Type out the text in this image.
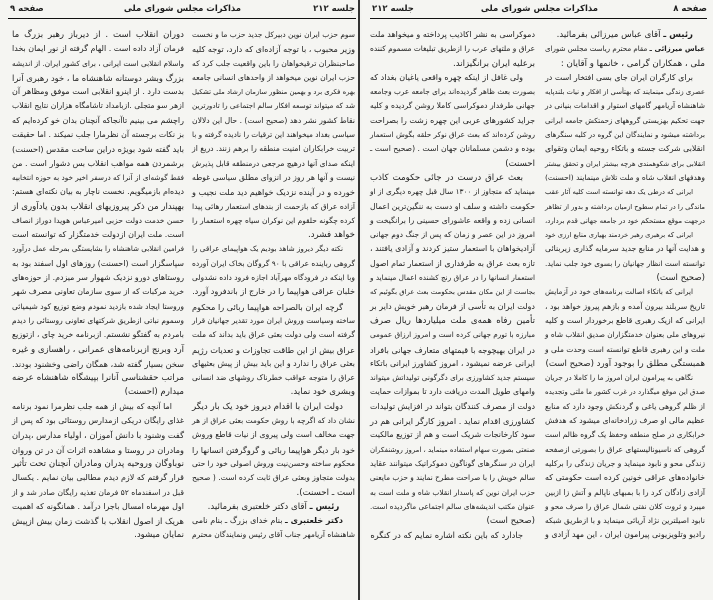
جلسه ۲۱۲
مذاکرات مجلس شورای ملی
صفحه ۹
سوم حزب ایران نوین دبیرکل جدید حزب ما و نخست
وزیر محبوب ، با توجه آزاده‌ای که دارد، توجه کلیه
صاحبنظران ترقیخواهان را باین واقعیت جلب کرد که
حزب ایران نوین میخواهد از واحدهای انسانی جامعه
بهره فکری برد و بهمین منظور سازمان ارشاد ملی تشکیل
شد که میتواند توسعه افکار سالم اجتماعی را تادورترین
نقاط کشور نشر دهد (صحیح است) . حال این دلالان
سیاسی بغداد میخواهند این ترقیات را نادیده گرفته و با
تربیت خرابکاران امنیت منطقه را برهم زنند. دریغ از
اینکه صدای آنها درهیچ مرجعی درمنطقه قابل پذیرش
نیست و آنها هر روز در انزوای مطلق سیاسی غوطه
خورده و در آینده نزدیک خواهیم دید ملت نجیب و
آزاده عراق که بازحمت از بندهای استعمار رهائی پیدا
کرده چگونه حلقوم این نوکران سیاه چهره استعمار را
خواهد فشرد.
نکته دیگر دیروز شاهد بودیم یک هواپیمای عراقی را
گروهی رباینده عراقی با ۹۰ گروگان بخاک ایران آورده
وبا اینکه در فرودگاه مهرآباد اجازه فرود داده نشدولی
خلبان عراقی هواپیما را در خارج از باندفرود آورد.
گرچه ایران بالصراحه هواپیما ربائی را محکوم
ساخته وسیاست وروش ایران مورد تقدیر جهانیان قرار
گرفته است ولی دولت بعثی عراق باید بداند که ملت
عراق بیش از این طاقت تجاوزات و تعدیات رژیم
بعثی عراق را ندارد و این باید بیش از پیش بعثیهای
عراق را متوجه عواقب خطرناک روشهای ضد انسانی
وبشری خود نماید.
دولت ایران با اقدام دیروز خود یک بار دیگر
نشان داد که اگرچه با روش حکومت بعثی عراق از هر
جهت مخالف است ولی پیروی از نیات قاطع وروش
خود بار دیگر هواپیما ربائی و گروگرفتن انسانها را
محکوم ساخته وحسن‌نیت وروش اصولی خود را حتی
بدولت متجاوز وبعثی عراق ثابت کرده است. ( صحیح
است ـ احسنت).
رئیس ـ آقای دکتر خلعتبری بفرمائید.
دکتر خلعتبری ـ بنام خدای بزرگ ـ بنام نامی
شاهنشاه آریامهر جناب آقای رئیس ونمایندگان محترم
دوران انقلاب است . از دیرباز رهبر بزرگ ما
فرمان آزاد داده است . الهام گرفته از نور ایمان بخدا
واسلام انقلابی است ایرانی ، برای کشور ایران. از اندیشه
بزرگ وبشر دوستانه شاهنشاه ما ، خود رهبری آنرا
بدست دارد . از اینرو انقلابی است موفق ومظاهر آن
ازهر سو متجلی .ازبامداد تاشامگاه هزاران نتایج انقلاب
راچشم می بینیم تاآنجاکه آنچنان بدان خو کرده‌ایم که
بز نکات برجسته آن نظرمارا جلب نمیکند . اما حقیقت
باید گفته شود بویژه دراین ساحت مقدس (احسنت)
برشمردن همه مواهب انقلاب بس دشوار است . من
فقط گوشه‌ای از آنرا که درسفر اخیر خود به حوزه انتخابیه
دیده‌ام بازمیگویم. نخست ناچار به بیان نکته‌ای هستم:
بهپندار من ذکر پیروزیهای انقلاب بدون یادآوری از
حسن خدمت دولت حزبی امیرعباس هویدا دوراز انصاف
است. ملت ایران ازدولت خدمتگزار که توانسته است
فرامین انقلابی شاهنشاه را بشایستگی بمرحله عمل درآورد
سپاسگزار است (احسنت) روزهای اول اسفند بود به
روستاهای دورو نزدیک شهوار سر میزدم. از حوزه‌های
خرید مرکبات که از سوی سازمان تعاونی مصرف شهر
وروستا ایجاد شده بازدید نمودم وضع توزیع کود شیمیائی
وسموم نباتی ازطریق شرکتهای تعاونی روستائی را دیدم
بامردم به گفتگو نشستم. ازبرنامه خرید چای ، ازتوزیع
آرد وبرنج ازبرنامه‌های عمرانی ، راهسازی و غیره
سخن بسیار گفته شد، همگان راضی وخشنود بودند.
مراتب حقشناسی آنانرا بپیشگاه شاهنشاه عرضه
میدارم (احسنت)
اما آنچه که بیش از همه جلب نظرمرا نمود برنامه
غذای رایگان دریکی ازمدارس روستائی بود که پس از
گفت وشنود با دانش آموزان ، اولیاء مدارس ،پدران
ومادران در روستا و مشاهده اثرات آن در تن وروان
نوباوگان وروحیه پدران ومادران آنچنان تحت تأثیر
قرار گرفتم که لازم دیدم مطالبی بیان نمایم . یکسال
قبل در اسفندماه ۵۲ فرمان تغذیه رایگان صادر شد و از
اول مهرماه امسال باجرا درآمد . همانگونه که اهمیت
هریک از اصول انقلاب با گذشت زمان بیش ازپیش
نمایان میشود.
صفحه ۸
مذاکرات مجلس شورای ملی
جلسه ۲۱۲
رئیس ـ آقای عباس میرزائی بفرمائید.
عباس میرزائی ـ مقام محترم ریاست مجلس شورای
ملی ، همکاران گرامی ، خانمها و آقایان :
برای کارگران ایران جای بسی افتخار است در
عصری زندگی مینمایند که بهتأسی از افکار و نیات بلندپایه
شاهنشاه آریامهر گامهای استوار و اقدامات بنیانی در
جهت تحکیم بهزیستی گروههای زحمتکش جامعه ایرانی
برداشته میشود و نمایندگان این گروه در کلیه سنگرهای
انقلابی شرکت جسته و باتکاء روحیه ایمان وتقوای
انقلابی برای شکوهمندی هرچه بیشتر ایران و تحقق بیشتر
وهدفهای انقلاب شاه و ملت تلاش مینمایند (احسنت)
ایرانی که درطی یک دهه توانسته است کلیه آثار عقب
ماندگی را در تمام سطوح ازمیان برداشته و بدور از تظاهر
درجهت موقع مستحکم خود در جامعه جهانی قدم بردارد،
ایرانی که برهبری رهبر خردمند بهیاری منابع ارزی خود
و هدایت آنها در منابع جدید سرمایه گذاری زیربنائی
توانسته است انظار جهانیان را بسوی خود جلب نماید.
(صحیح است)
ایرانی که باتکاء اصالت برنامه‌های خود در آزمایش
تاریخ سربلند بیرون آمده و بازهم پیروز خواهد بود ،
ایرانی که ازیک رهبری قاطع برخوردار است و کلیه
نیروهای ملی بعنوان خدمتگزاران صدیق انقلاب شاه و
ملت و این رهبری قاطع توانسته است وحدت ملی و
همبستگی مطلق را بوجود آورد (صحیح است)
نگاهی به پیرامون ایران امروز ما را کاملا در جریان
صدق این موقع میگذارد در غرب کشور ما ملتی وتجدیده
از ظلم گروهی یاغی و گردنکش وجود دارد که منابع
عظیم مالی او صرف زرادخانه‌ای میشود که هدفش
خرابکاری در صلح منطقه وحفظ یک گروه ظالم است
گروهی که ناسیونالیستهای عراق را بصورتی ازصفحه
زندگی محو و نابود مینماید و جریان زندگی را برکلیه
خانواده‌های عراقی خونین کرده است حکومتی که
آزادی زادگان کرد را با بمبهای ناپالم و آتش زا ازبین
میبرد و ثروت کلان نفتی شمال عراق را صرف محو و
نابود اصیلترین نژاد آریائی مینماید و با ازطریق شبکه
رادیو وتلویزیونی پیرامون ایران ، این مهد آزادی و
دموکراسی به نشر اکاذیب پرداخته و میخواهد ملت
عراق و ملتهای عرب را ازطریق تبلیغات مسموم کننده
برعلیه ایران برانگیزاند.
ولی غافل از اینکه چهره واقعی یاغیان بغداد که
بصورت بعث ظاهر گردیده‌اند برای جامعه عرب وجامعه
جهانی طرفدار دموکراسی کاملا روشن گردیده و کلیه
جراید کشورهای عربی این چهره زشت را بصراحت
روشن کرده‌اند که بعث عراق نوکر حلقه بگوش استعمار
بوده و دشمن مسلمانان جهان است . (صحیح است ـ
احسنت)
بعث عراق درست در جائی حکومت کاذب
مینماید که متجاوز از ۱۳۰۰ سال قبل چهره دیگری از او
حکومت داشته و سلف او دست به ننگین‌ترین اعمال
انسانی زده و واقعه عاشورای حسینی را برانگیخت و
امروز در این عصر و زمان که پس از جنگ دوم جهانی
آزادیخواهان با استعمار ستیز کردند و آزادی یافتند ،
تازه بعث عراق به طرفداری از استعمار تمام اصول
استعمار انسانها را در عراق رنج کشنده اعمال مینماید و
بجاست از این مکان مقدس بحکومت بعث عراق بگوئیم که
دولت ایران به تأسی از فرمان رهبر خویش دایر بر
تأمین رفاه همه‌ی ملت میلیاردها ریال صرف
مبارزه با تورم جهانی کرده است و امروز ارزاق عمومی
در ایران بهیچوجه با قیمتهای متعارف جهانی بافراد
ایرانی عرضه نمیشود ، امروز کشاورز ایرانی باتکاء
سیستم جدید کشاورزی برای دگرگونی تولیداتش میتواند
وامهای طویل المدت دریافت دارد تا بموازات حمایت
دولت از مصرف کنندگان بتواند در افزایش تولیدات
کشاورزی اقدام نماید . امروز کارگر ایرانی هم در
سود کارخانجات شریک است و هم از توزیع مالکیت
صنعتی بصورت سهام استفاده مینماید ، امروز روشنفکران
ایران در سنگرهای گوناگون دموکراتیک میتوانند عقاید
سالم خویش را با صراحت مطرح نمایند و حزب مایعنی
حزب ایران نوین که پاسدار انقلاب شاه و ملت است به
عنوان مکتب اندیشه‌های سالم اجتماعی ماگردیده است.
(صحیح است)
جادارد که باین نکته اشاره نمایم که در کنگره
